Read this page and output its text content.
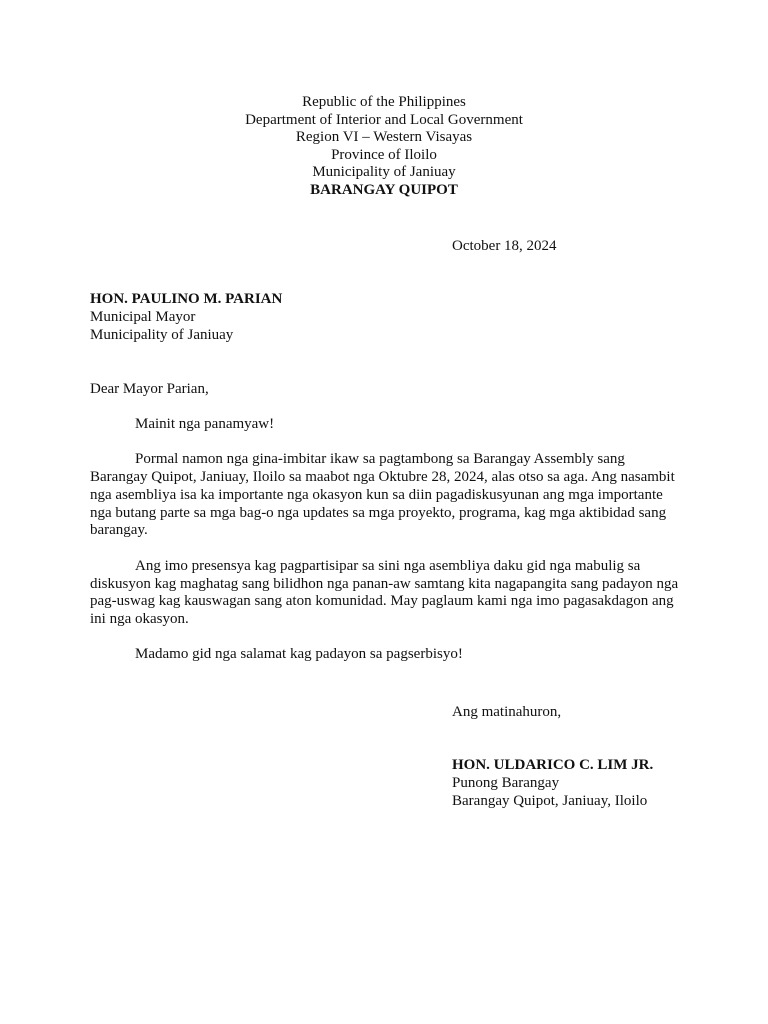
Republic of the Philippines
Department of Interior and Local Government
Region VI – Western Visayas
Province of Iloilo
Municipality of Janiuay
BARANGAY QUIPOT
October 18, 2024
HON. PAULINO M. PARIAN
Municipal Mayor
Municipality of Janiuay
Dear Mayor Parian,

Mainit nga panamyaw!

Pormal namon nga gina-imbitar ikaw sa pagtambong sa Barangay Assembly sang Barangay Quipot, Janiuay, Iloilo sa maabot nga Oktubre 28, 2024, alas otso sa aga. Ang nasambit nga asembliya isa ka importante nga okasyon kun sa diin pagadiskusyunan ang mga importante nga butang parte sa mga bag-o nga updates sa mga proyekto, programa, kag mga aktibidad sang barangay.

Ang imo presensya kag pagpartisipar sa sini nga asembliya daku gid nga mabulig sa diskusyon kag maghatag sang bilidhon nga panan-aw samtang kita nagapangita sang padayon nga pag-uswag kag kauswagan sang aton komunidad. May paglaum kami nga imo pagasakdagon ang ini nga okasyon.

Madamo gid nga salamat kag padayon sa pagserbisyo!

Ang matinahuron,
HON. ULDARICO C. LIM JR.
Punong Barangay
Barangay Quipot, Janiuay, Iloilo
